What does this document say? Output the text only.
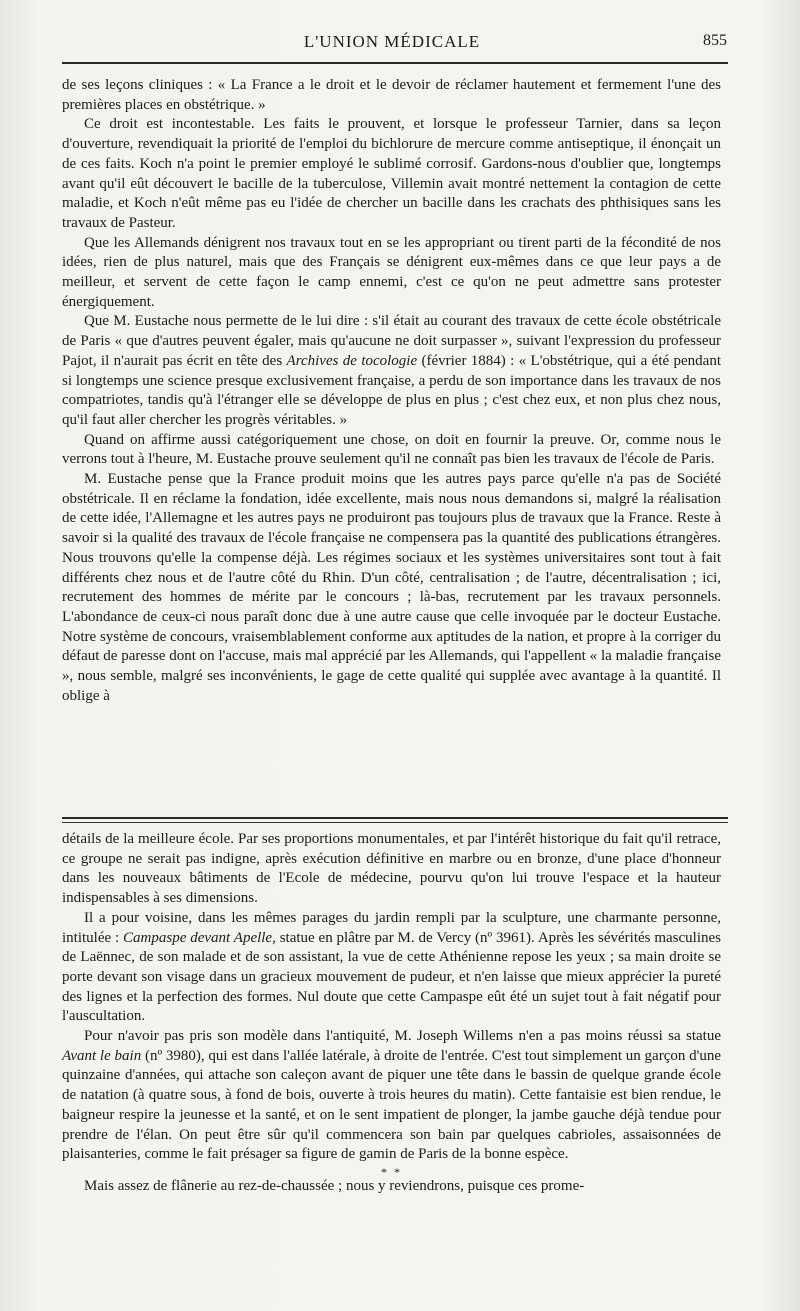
L'UNION MÉDICALE	855

de ses leçons cliniques : « La France a le droit et le devoir de réclamer hautement et fermement l'une des premières places en obstétrique. »

Ce droit est incontestable. Les faits le prouvent, et lorsque le professeur Tarnier, dans sa leçon d'ouverture, revendiquait la priorité de l'emploi du bichlorure de mercure comme antiseptique, il énonçait un de ces faits. Koch n'a point le premier employé le sublimé corrosif. Gardons-nous d'oublier que, longtemps avant qu'il eût découvert le bacille de la tuberculose, Villemin avait montré nettement la contagion de cette maladie, et Koch n'eût même pas eu l'idée de chercher un bacille dans les crachats des phthisiques sans les travaux de Pasteur.

Que les Allemands dénigrent nos travaux tout en se les appropriant ou tirent parti de la fécondité de nos idées, rien de plus naturel, mais que des Français se dénigrent eux-mêmes dans ce que leur pays a de meilleur, et servent de cette façon le camp ennemi, c'est ce qu'on ne peut admettre sans protester énergiquement.

Que M. Eustache nous permette de le lui dire : s'il était au courant des travaux de cette école obstétricale de Paris « que d'autres peuvent égaler, mais qu'aucune ne doit surpasser », suivant l'expression du professeur Pajot, il n'aurait pas écrit en tête des Archives de tocologie (février 1884) : « L'obstétrique, qui a été pendant si longtemps une science presque exclusivement française, a perdu de son importance dans les travaux de nos compatriotes, tandis qu'à l'étranger elle se développe de plus en plus ; c'est chez eux, et non plus chez nous, qu'il faut aller chercher les progrès véritables. »

Quand on affirme aussi catégoriquement une chose, on doit en fournir la preuve. Or, comme nous le verrons tout à l'heure, M. Eustache prouve seulement qu'il ne connaît pas bien les travaux de l'école de Paris.

M. Eustache pense que la France produit moins que les autres pays parce qu'elle n'a pas de Société obstétricale. Il en réclame la fondation, idée excellente, mais nous nous demandons si, malgré la réalisation de cette idée, l'Allemagne et les autres pays ne produiront pas toujours plus de travaux que la France. Reste à savoir si la qualité des travaux de l'école française ne compensera pas la quantité des publications étrangères. Nous trouvons qu'elle la compense déjà. Les régimes sociaux et les systèmes universitaires sont tout à fait différents chez nous et de l'autre côté du Rhin. D'un côté, centralisation ; de l'autre, décentralisation ; ici, recrutement des hommes de mérite par le concours ; là-bas, recrutement par les travaux personnels. L'abondance de ceux-ci nous paraît donc due à une autre cause que celle invoquée par le docteur Eustache. Notre système de concours, vraisemblablement conforme aux aptitudes de la nation, et propre à la corriger du défaut de paresse dont on l'accuse, mais mal apprécié par les Allemands, qui l'appellent « la maladie française », nous semble, malgré ses inconvénients, le gage de cette qualité qui supplée avec avantage à la quantité. Il oblige à

détails de la meilleure école. Par ses proportions monumentales, et par l'intérêt historique du fait qu'il retrace, ce groupe ne serait pas indigne, après exécution définitive en marbre ou en bronze, d'une place d'honneur dans les nouveaux bâtiments de l'Ecole de médecine, pourvu qu'on lui trouve l'espace et la hauteur indispensables à ses dimensions.

Il a pour voisine, dans les mêmes parages du jardin rempli par la sculpture, une charmante personne, intitulée : Campaspe devant Apelle, statue en plâtre par M. de Vercy (nº 3961). Après les sévérités masculines de Laënnec, de son malade et de son assistant, la vue de cette Athénienne repose les yeux ; sa main droite se porte devant son visage dans un gracieux mouvement de pudeur, et n'en laisse que mieux apprécier la pureté des lignes et la perfection des formes. Nul doute que cette Campaspe eût été un sujet tout à fait négatif pour l'auscultation.

Pour n'avoir pas pris son modèle dans l'antiquité, M. Joseph Willems n'en a pas moins réussi sa statue Avant le bain (nº 3980), qui est dans l'allée latérale, à droite de l'entrée. C'est tout simplement un garçon d'une quinzaine d'années, qui attache son caleçon avant de piquer une tête dans le bassin de quelque grande école de natation (à quatre sous, à fond de bois, ouverte à trois heures du matin). Cette fantaisie est bien rendue, le baigneur respire la jeunesse et la santé, et on le sent impatient de plonger, la jambe gauche déjà tendue pour prendre de l'élan. On peut être sûr qu'il commencera son bain par quelques cabrioles, assaisonnées de plaisanteries, comme le fait présager sa figure de gamin de Paris de la bonne espèce.

* *

Mais assez de flânerie au rez-de-chaussée ; nous y reviendrons, puisque ces prome-
